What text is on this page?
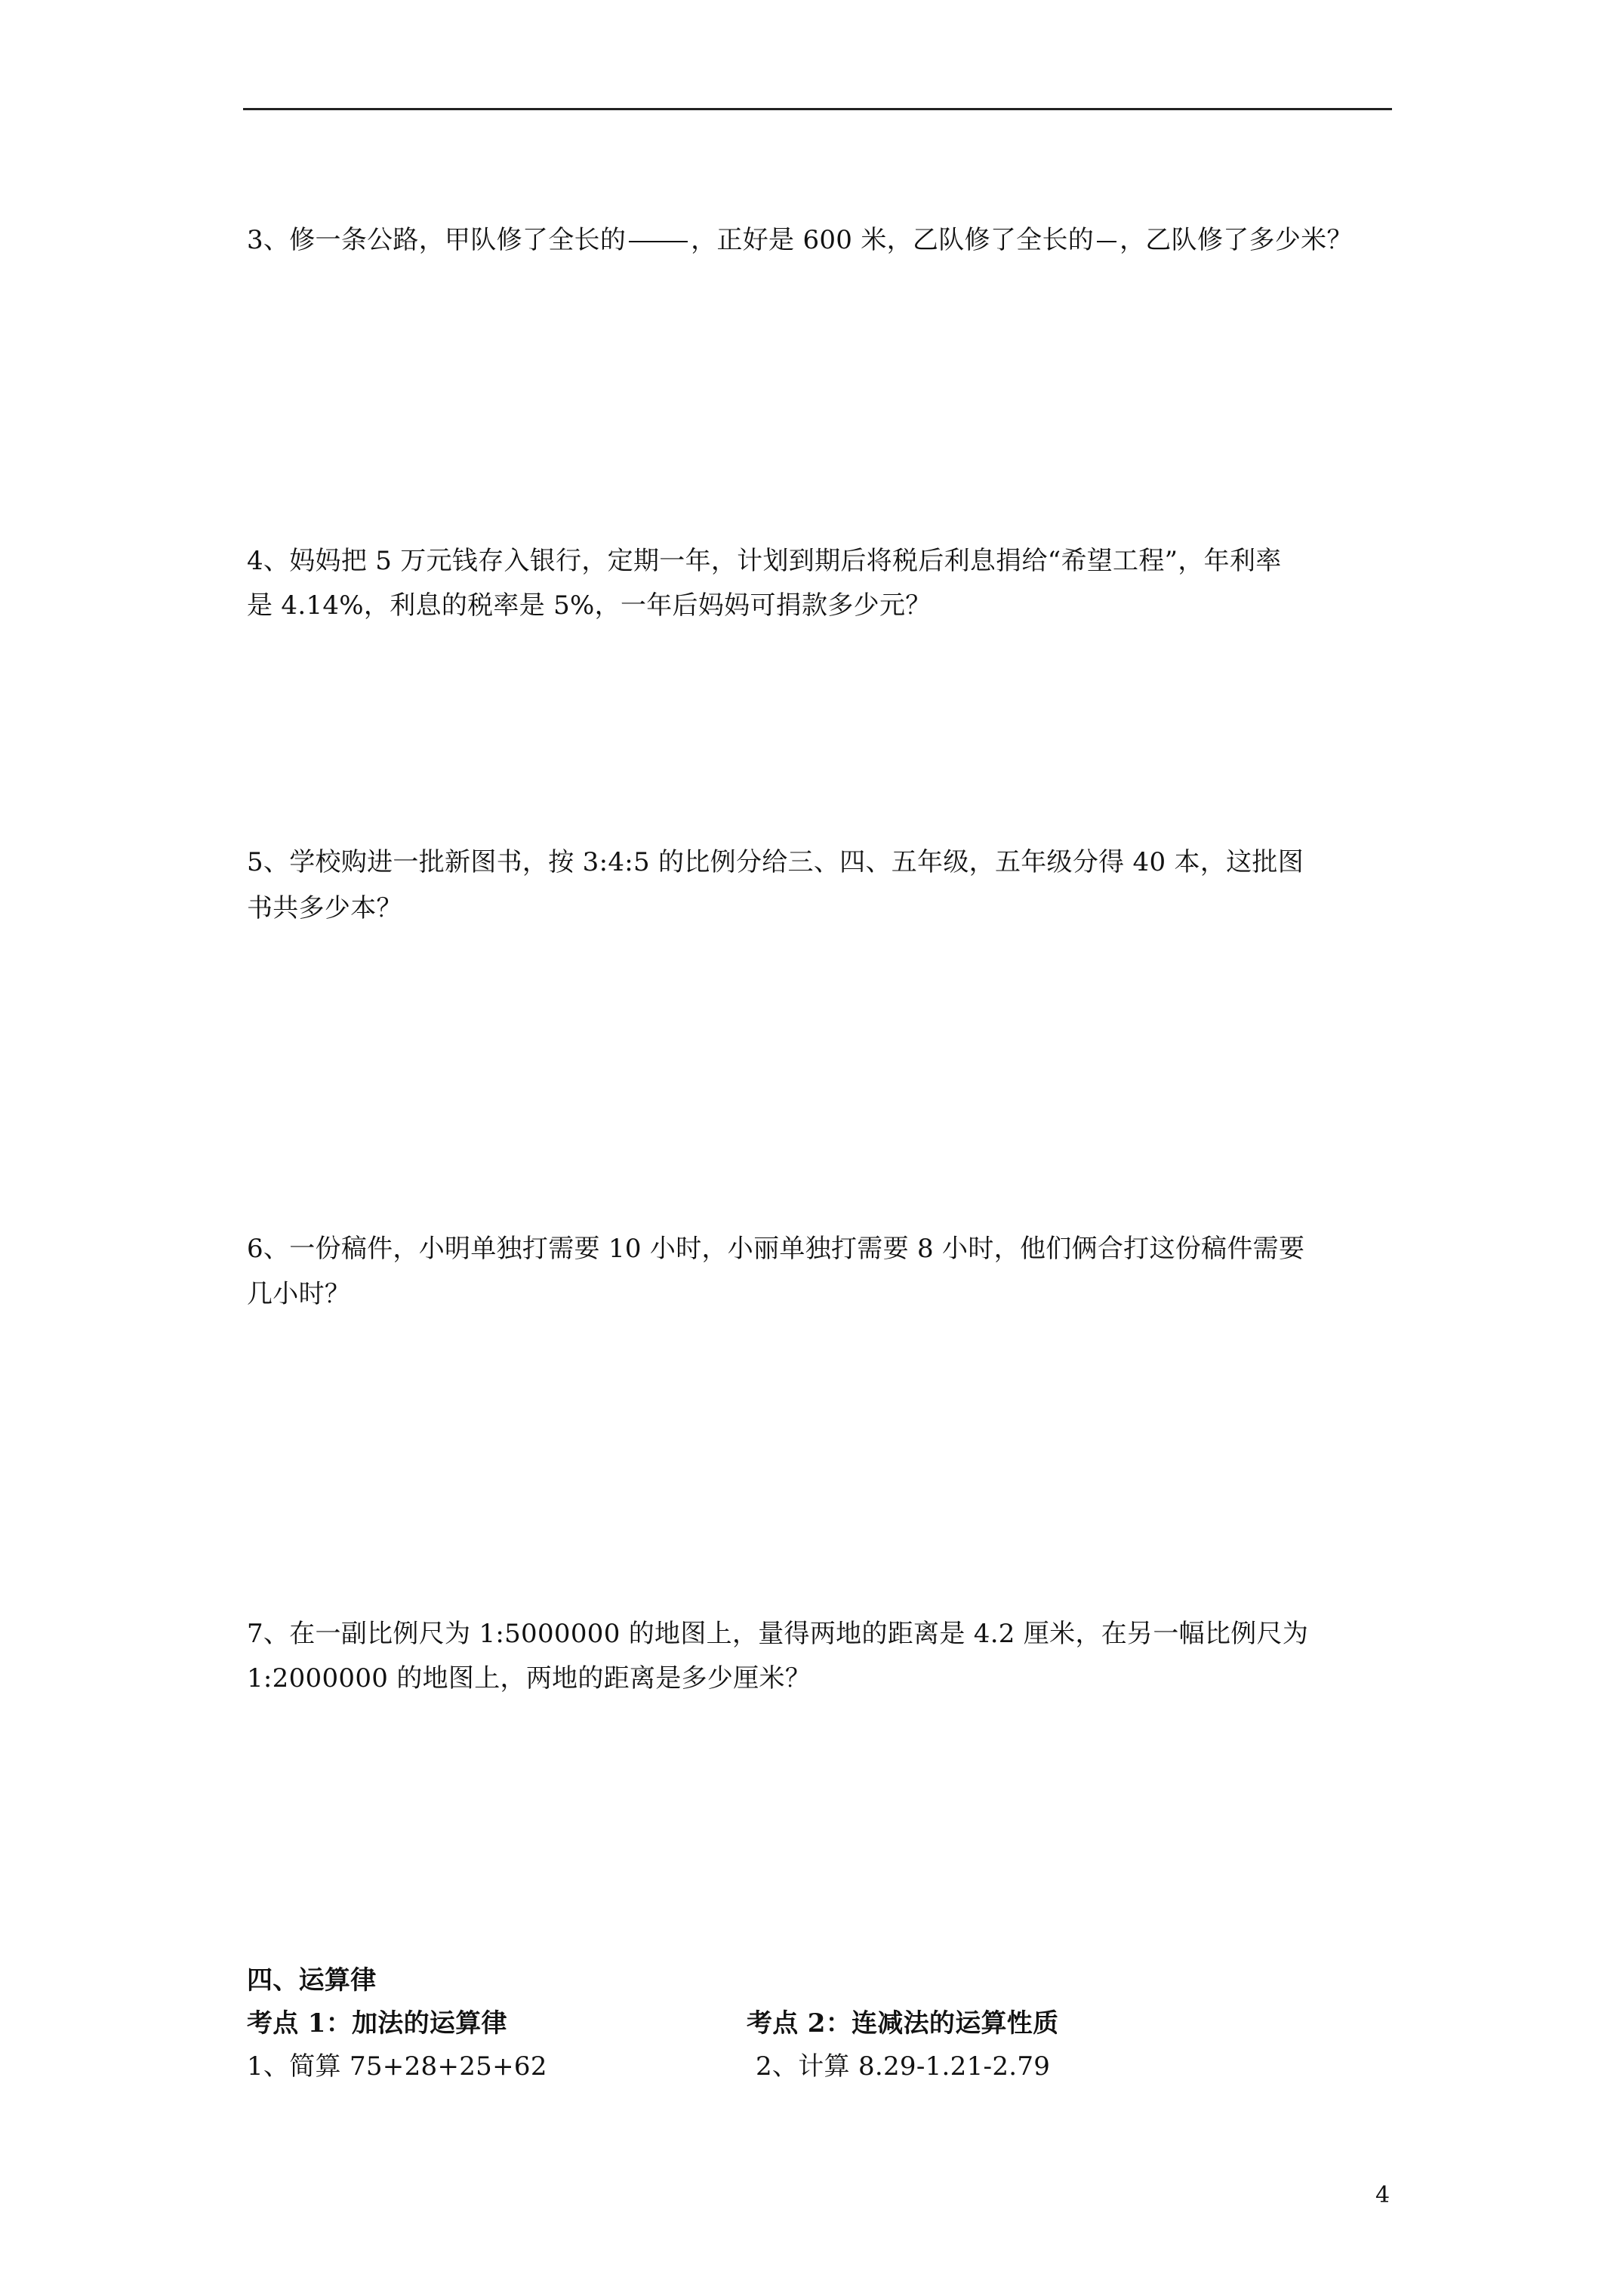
3、修一条公路，甲队修了全长的	，正好是 600 米，乙队修了全长的 ，乙队修了多少米？
4、妈妈把 5 万元钱存入银行，定期一年，计划到期后将税后利息捐给“希望工程”，年利率
是 4.14%，利息的税率是 5%，一年后妈妈可捐款多少元？
5、学校购进一批新图书，按 3:4:5 的比例分给三、四、五年级，五年级分得 40 本，这批图
书共多少本？
6、一份稿件，小明单独打需要 10 小时，小丽单独打需要 8 小时，他们俩合打这份稿件需要
几小时？
7、在一副比例尺为 1:5000000 的地图上，量得两地的距离是 4.2 厘米，在另一幅比例尺为
1:2000000 的地图上，两地的距离是多少厘米？
四、运算律
考点 1：加法的运算律	考点 2：连减法的运算性质
1、简算 75+28+25+62	2、计算 8.29-1.21-2.79
4
